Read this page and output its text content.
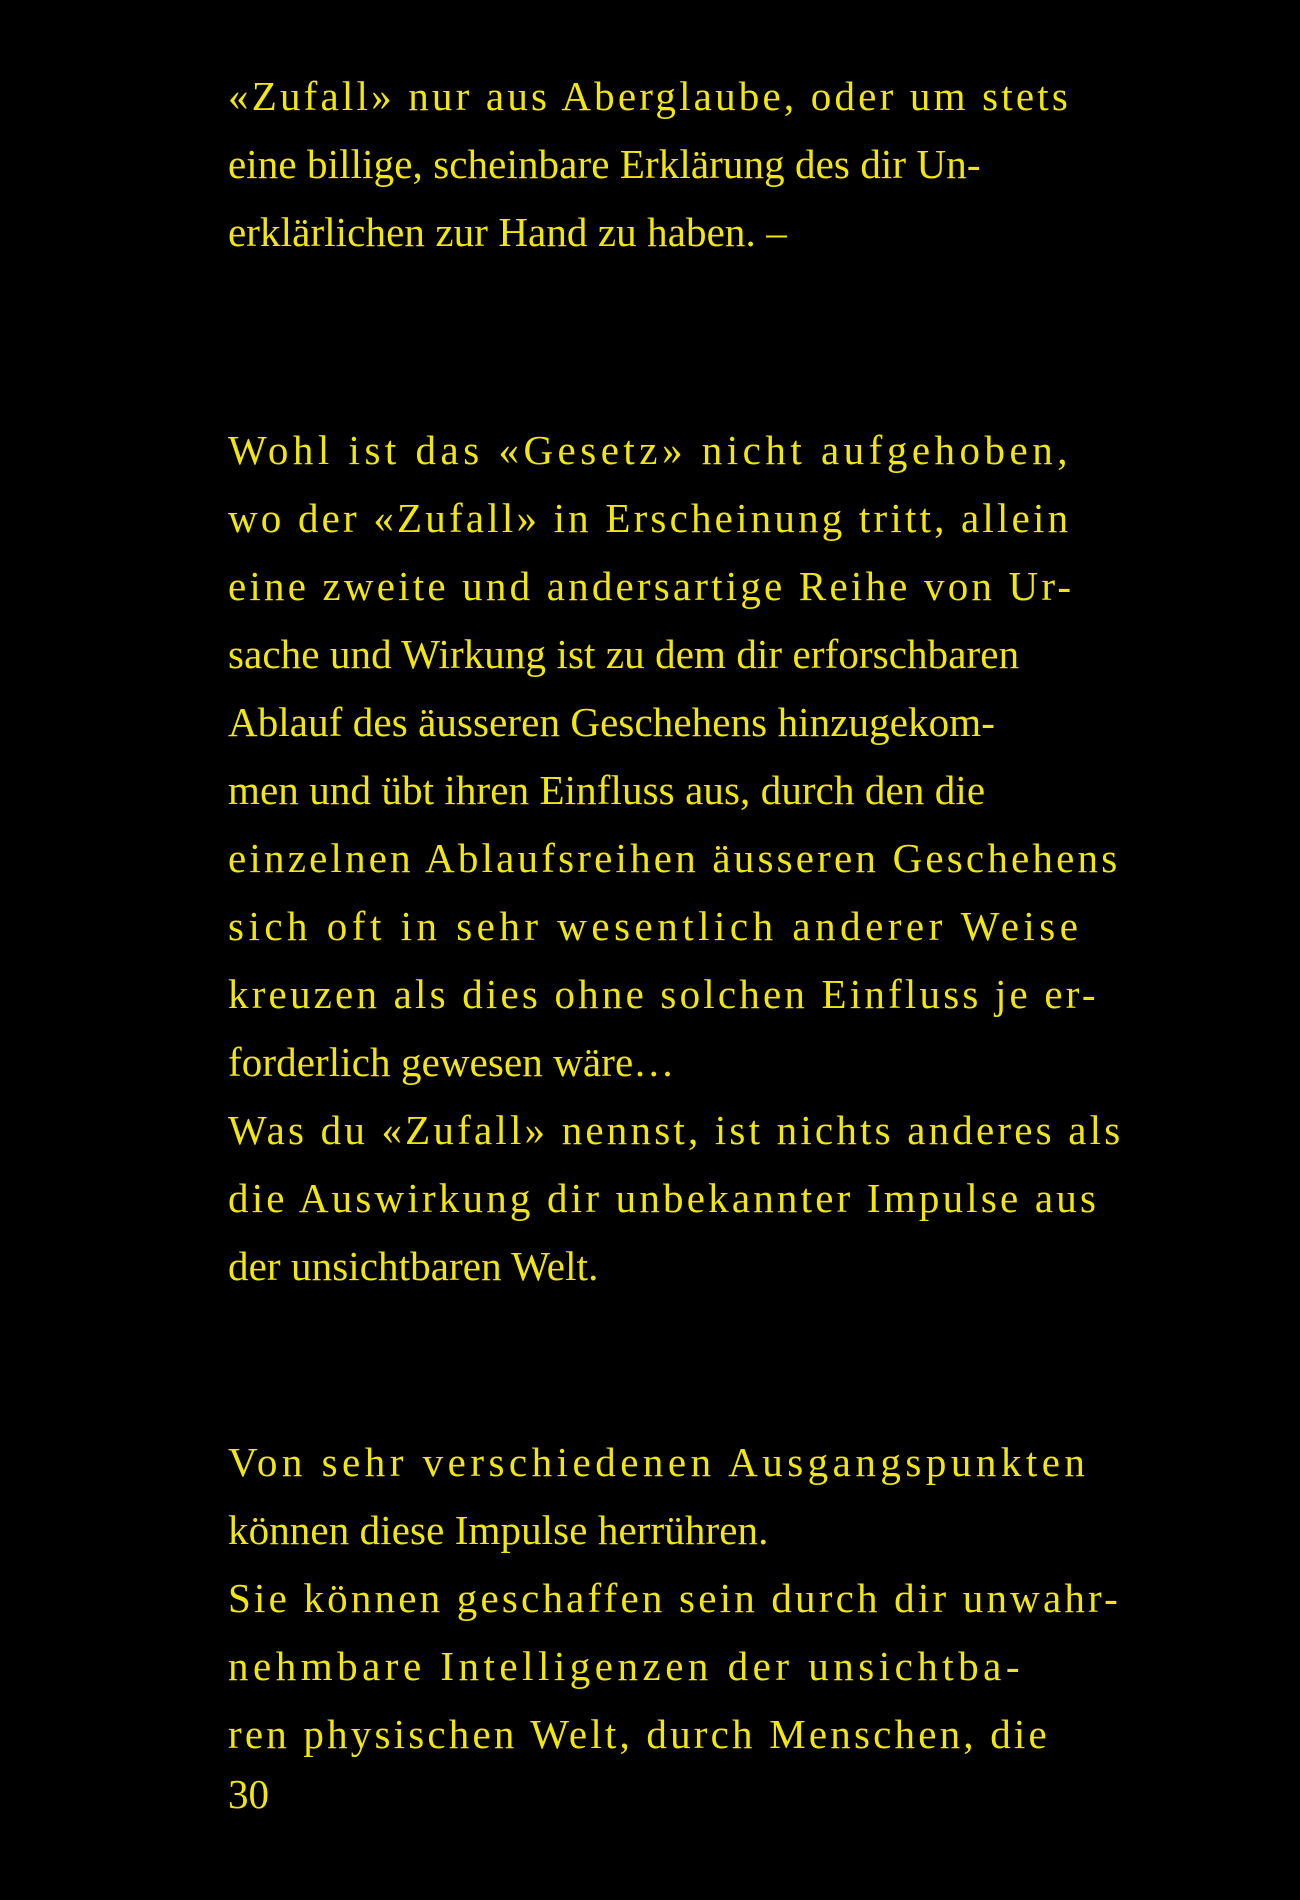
«Zufall» nur aus Aberglaube, oder um stets

eine billige, scheinbare Erklärung des dir Un-

erklärlichen zur Hand zu haben. –

Wohl ist das «Gesetz» nicht aufgehoben,

wo der «Zufall» in Erscheinung tritt, allein

eine zweite und andersartige Reihe von Ur-

sache und Wirkung ist zu dem dir erforschbaren

Ablauf des äusseren Geschehens hinzugekom-

men und übt ihren Einfluss aus, durch den die

einzelnen Ablaufsreihen äusseren Geschehens

sich oft in sehr wesentlich anderer Weise

kreuzen als dies ohne solchen Einfluss je er-

forderlich gewesen wäre…

Was du «Zufall» nennst, ist nichts anderes als

die Auswirkung dir unbekannter Impulse aus

der unsichtbaren Welt.

Von sehr verschiedenen Ausgangspunkten

können diese Impulse herrühren.

Sie können geschaffen sein durch dir unwahr-

nehmbare Intelligenzen der unsichtba-

ren physischen Welt, durch Menschen, die

30
